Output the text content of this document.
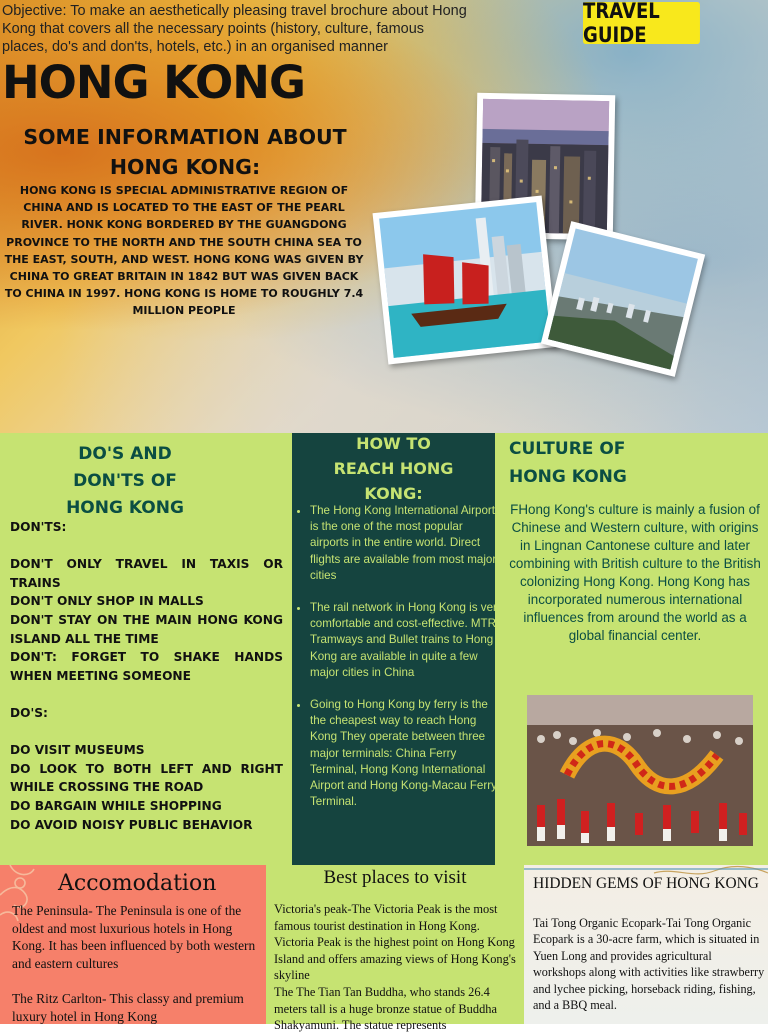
Objective: To make an aesthetically pleasing travel brochure about Hong Kong that covers all the necessary points (history, culture, famous places, do's and don'ts, hotels, etc.) in an organised manner
TRAVEL GUIDE
HONG KONG
SOME INFORMATION ABOUT
HONG KONG:
HONG KONG IS SPECIAL ADMINISTRATIVE REGION OF CHINA AND IS LOCATED TO THE EAST OF THE PEARL RIVER. HONK KONG BORDERED BY THE GUANGDONG PROVINCE TO THE NORTH AND THE SOUTH CHINA SEA TO THE EAST, SOUTH, AND WEST. HONG KONG WAS GIVEN BY CHINA TO GREAT BRITAIN IN 1842 BUT WAS GIVEN BACK TO CHINA IN 1997. HONG KONG IS HOME TO ROUGHLY 7.4 MILLION PEOPLE
DO'S AND
DON'TS OF
HONG KONG
DON'TS:
DON'T ONLY TRAVEL IN TAXIS OR TRAINS
DON'T ONLY SHOP IN MALLS
DON'T STAY ON THE MAIN HONG KONG ISLAND ALL THE TIME
DON'T: FORGET TO SHAKE HANDS WHEN MEETING SOMEONE
DO'S:
DO VISIT MUSEUMS
DO LOOK TO BOTH LEFT AND RIGHT WHILE CROSSING THE ROAD
DO BARGAIN WHILE SHOPPING
DO AVOID NOISY PUBLIC BEHAVIOR
HOW TO
REACH HONG
KONG:
• The Hong Kong International Airport is the one of the most popular airports in the entire world. Direct flights are available from most major cities
• The rail network in Hong Kong is very comfortable and cost-effective. MTR, Tramways and Bullet trains to Hong Kong are available in quite a few major cities in China
• Going to Hong Kong by ferry is the the cheapest way to reach Hong Kong They operate between three major terminals: China Ferry Terminal, Hong Kong International Airport and Hong Kong-Macau Ferry Terminal.
CULTURE OF
HONG KONG
FHong Kong's culture is mainly a fusion of Chinese and Western culture, with origins in Lingnan Cantonese culture and later combining with British culture to the British colonizing Hong Kong. Hong Kong has incorporated numerous international influences from around the world as a global financial center.
Accomodation
The Peninsula- The Peninsula is one of the oldest and most luxurious hotels in Hong Kong. It has been influenced by both western and eastern cultures
The Ritz Carlton- This classy and premium luxury hotel in Hong Kong
Best places to visit
Victoria's peak-The Victoria Peak is the most famous tourist destination in Hong Kong. Victoria Peak is the highest point on Hong Kong Island and offers amazing views of Hong Kong's skyline
The The Tian Tan Buddha, who stands 26.4 meters tall is a huge bronze statue of Buddha Shakyamuni. The statue represents
HIDDEN GEMS OF HONG KONG
Tai Tong Organic Ecopark-Tai Tong Organic Ecopark is a 30-acre farm, which is situated in Yuen Long and provides agricultural workshops along with activities like strawberry and lychee picking, horseback riding, fishing, and a BBQ meal.
